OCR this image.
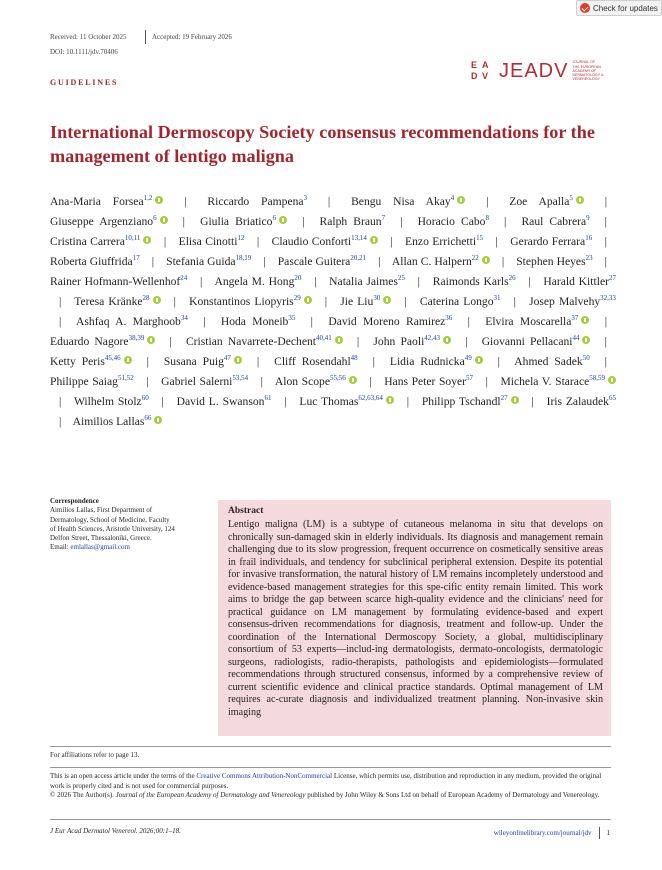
Check for updates
Received: 11 October 2025	Accepted: 19 February 2026
DOI: 10.1111/jdv.70406
GUIDELINES
E A
D V JEADV JOURNAL OF
THE EUROPEAN
ACADEMY OF
DERMATOLOGY &
VENEREOLOGY
International Dermoscopy Society consensus recommendations for the management of lentigo maligna
Ana-Maria Forsea$^{1,2}$	| Riccardo Pampena$^3$ | Bengu Nisa Akay$^4$	| Zoe Apalla$^5$	| Giuseppe Argenziano$^6$ | Giulia Briatico$^6$ | Ralph Braun$^7$ | Horacio Cabo$^8$ | Raul Cabrera$^9$ | Cristina Carrera$^{10,11}$ | Elisa Cinotti$^{12}$ | Claudio Conforti$^{13,14}$ | Enzo Errichetti$^{15}$ | Gerardo Ferrara$^{16}$ | Roberta Giuffrida$^{17}$ | Stefania Guida$^{18,19}$ | Pascale Guitera$^{20,21}$ | Allan C. Halpern$^{22}$ | Stephen Heyes$^{23}$ | Rainer Hofmann-Wellenhof$^{24}$ | Angela M. Hong$^{20}$ | Natalia Jaimes$^{25}$ | Raimonds Karls$^{26}$ | Harald Kittler$^{27}$ | Teresa Kränke$^{28}$ | Konstantinos Liopyris$^{29}$ | Jie Liu$^{30}$ | Caterina Longo$^{31}$ | Josep Malvehy$^{32,33}$ | Ashfaq A. Marghoob$^{34}$ | Hoda Moneib$^{35}$ | David Moreno Ramirez$^{36}$ | Elvira Moscarella$^{37}$ | Eduardo Nagore$^{38,39}$ | Cristian Navarrete-Dechent$^{40,41}$ | John Paoli$^{42,43}$ | Giovanni Pellacani$^{44}$ | Ketty Peris$^{45,46}$ | Susana Puig$^{47}$ | Cliff Rosendahl$^{48}$ | Lidia Rudnicka$^{49}$ | Ahmed Sadek$^{50}$ | Philippe Saiag$^{51,52}$ | Gabriel Salerni$^{53,54}$ | Alon Scope$^{55,56}$ | Hans Peter Soyer$^{57}$ | Michela V. Starace$^{58,59}$ | Wilhelm Stolz$^{60}$ | David L. Swanson$^{61}$ | Luc Thomas$^{62,63,64}$ | Philipp Tschandl$^{27}$ | Iris Zalaudek$^{65}$ | Aimilios Lallas$^{66}$
Correspondence
Aimilios Lallas, First Department of
Dermatology, School of Medicine, Faculty
of Health Sciences, Aristotle University, 124
Delfon Street, Thessaloniki, Greece.
Email: emlallas@gmail.com
Abstract
Lentigo maligna (LM) is a subtype of cutaneous melanoma in situ that develops on chronically sun-damaged skin in elderly individuals. Its diagnosis and management remain challenging due to its slow progression, frequent occurrence on cosmetically sensitive areas in frail individuals, and tendency for subclinical peripheral extension. Despite its potential for invasive transformation, the natural history of LM remains incompletely understood and evidence-based management strategies for this spe-cific entity remain limited. This work aims to bridge the gap between scarce high-quality evidence and the clinicians' need for practical guidance on LM management by formulating evidence-based and expert consensus-driven recommendations for diagnosis, treatment and follow-up. Under the coordination of the International Dermoscopy Society, a global, multidisciplinary consortium of 53 experts—includ-ing dermatologists, dermato-oncologists, dermatologic surgeons, radiologists, radio-therapists, pathologists and epidemiologists—formulated recommendations through structured consensus, informed by a comprehensive review of current scientific evidence and clinical practice standards. Optimal management of LM requires ac-curate diagnosis and individualized treatment planning. Non-invasive skin imaging
For affiliations refer to page 13.
This is an open access article under the terms of the Creative Commons Attribution-NonCommercial License, which permits use, distribution and reproduction in any medium, provided the original work is properly cited and is not used for commercial purposes.
© 2026 The Author(s). Journal of the European Academy of Dermatology and Venereology published by John Wiley & Sons Ltd on behalf of European Academy of Dermatology and Venereology.
J Eur Acad Dermatol Venereol. 2026;00:1–18.	wileyonlinelibrary.com/journal/jdv 1
